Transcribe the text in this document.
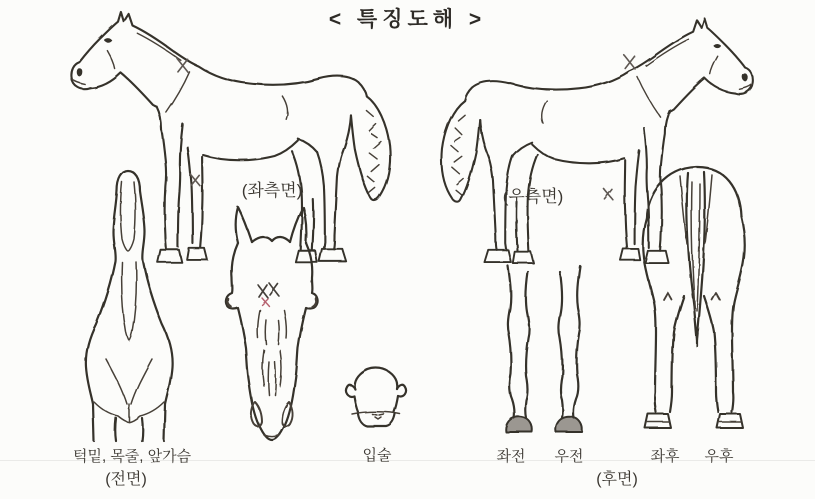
< 특징도해 >
(좌측면)	(우측면)
턱밑, 목줄, 앞가슴
(전면)
입술	좌전 우전	좌후 우후
(후면)
